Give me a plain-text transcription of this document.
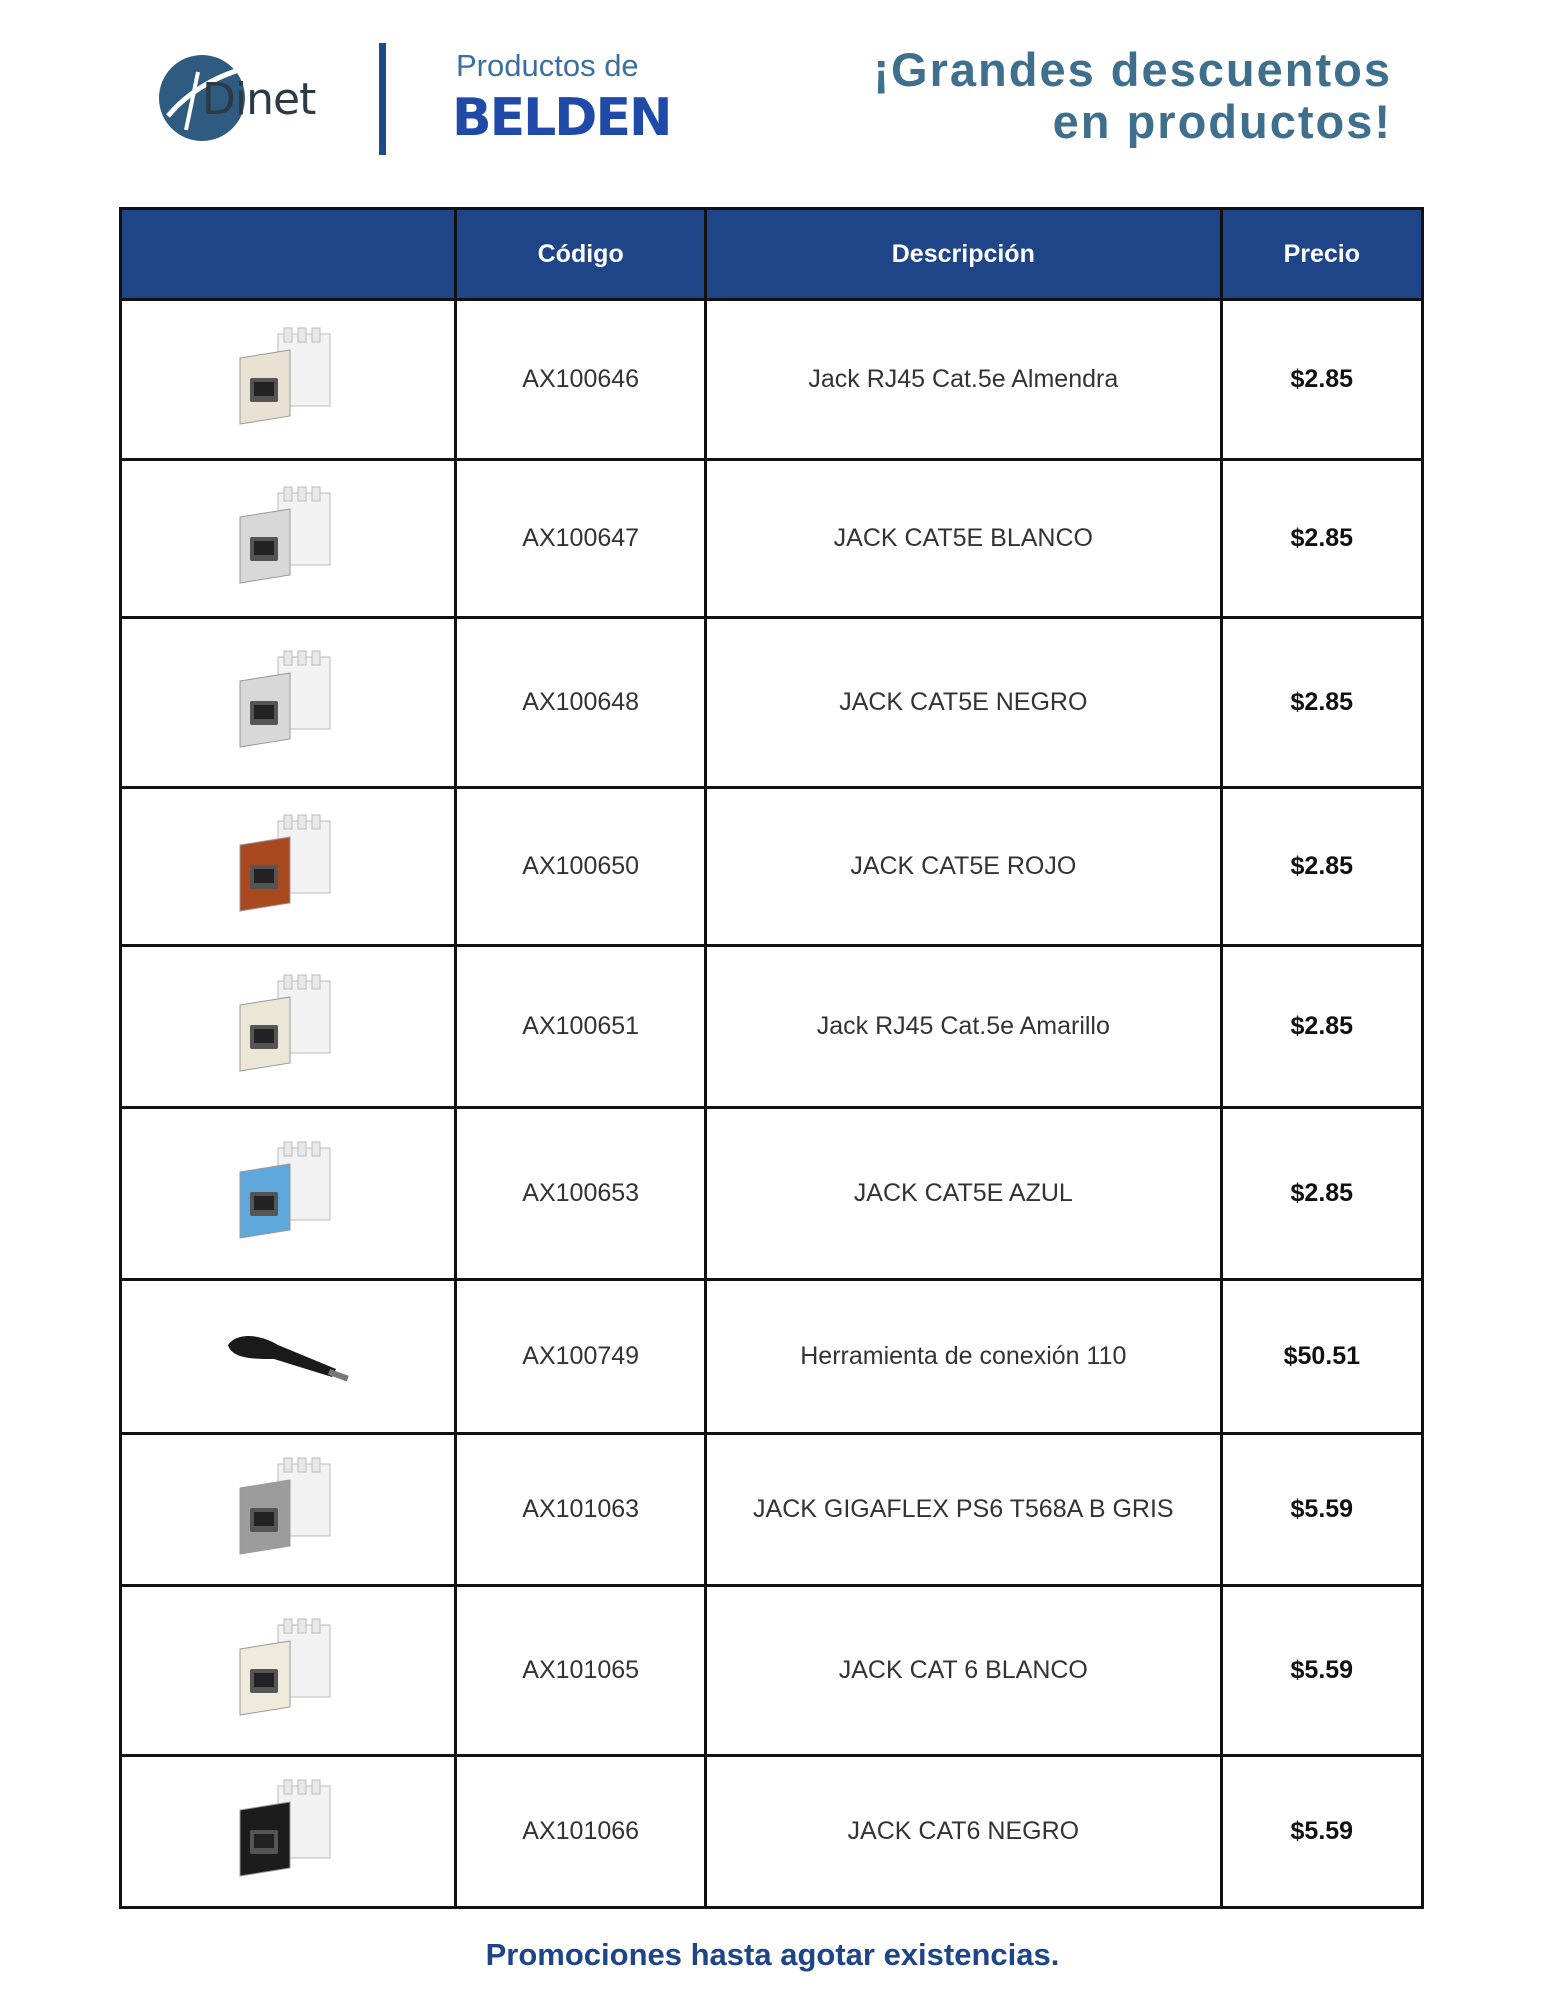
Dinet
Productos de
BELDEN
¡Grandes descuentos
en productos!
	Código	Descripción	Precio

	AX100646	Jack RJ45 Cat.5e Almendra	$2.85

	AX100647	JACK CAT5E BLANCO	$2.85

	AX100648	JACK CAT5E NEGRO	$2.85

	AX100650	JACK CAT5E ROJO	$2.85

	AX100651	Jack RJ45 Cat.5e Amarillo	$2.85

	AX100653	JACK CAT5E AZUL	$2.85

	AX100749	Herramienta de conexión 110	$50.51

	AX101063	JACK GIGAFLEX PS6 T568A B GRIS	$5.59

	AX101065	JACK CAT 6 BLANCO	$5.59

	AX101066	JACK CAT6 NEGRO	$5.59
Promociones hasta agotar existencias.
